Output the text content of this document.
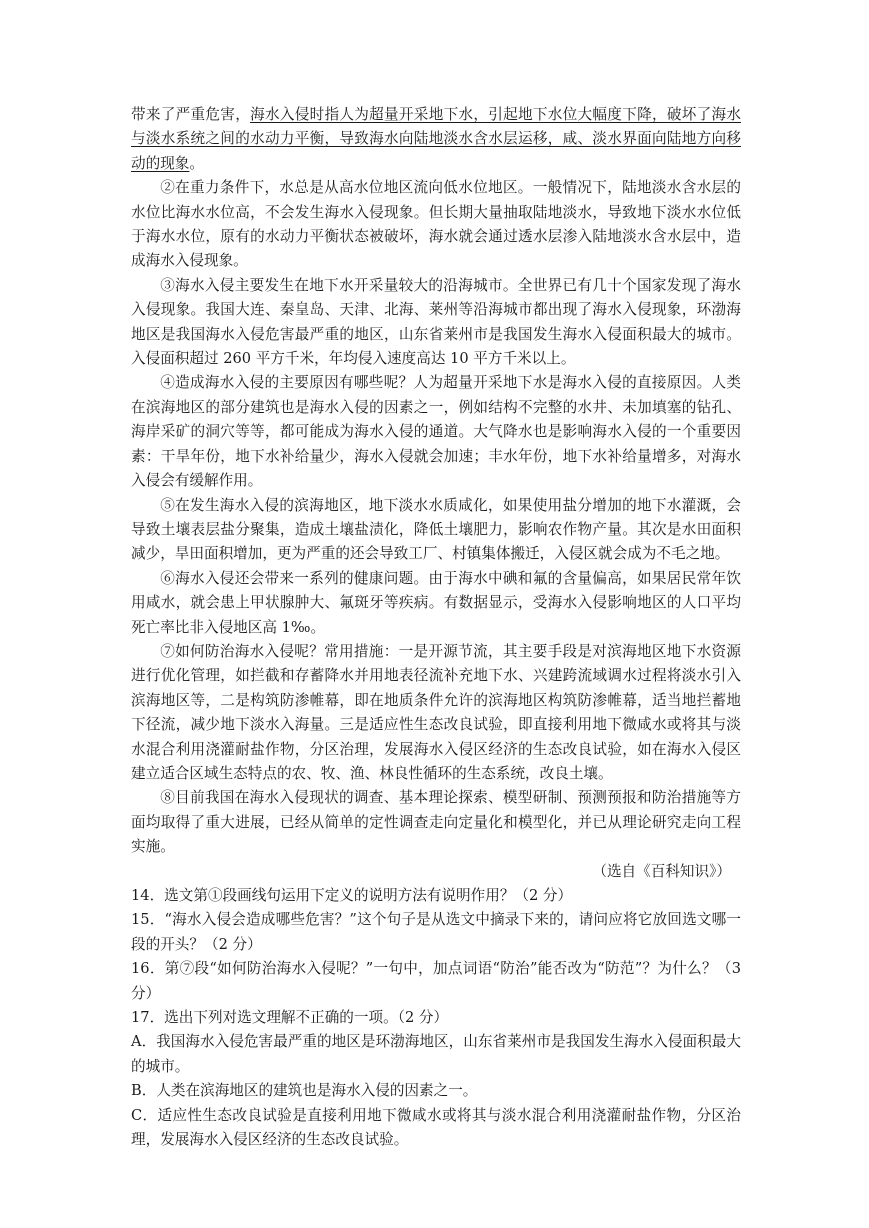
带来了严重危害，海水入侵时指人为超量开采地下水，引起地下水位大幅度下降，破坏了海水与淡水系统之间的水动力平衡，导致海水向陆地淡水含水层运移，咸、淡水界面向陆地方向移动的现象。

②在重力条件下，水总是从高水位地区流向低水位地区。一般情况下，陆地淡水含水层的水位比海水水位高，不会发生海水入侵现象。但长期大量抽取陆地淡水，导致地下淡水水位低于海水水位，原有的水动力平衡状态被破坏，海水就会通过透水层渗入陆地淡水含水层中，造成海水入侵现象。

③海水入侵主要发生在地下水开采量较大的沿海城市。全世界已有几十个国家发现了海水入侵现象。我国大连、秦皇岛、天津、北海、莱州等沿海城市都出现了海水入侵现象，环渤海地区是我国海水入侵危害最严重的地区，山东省莱州市是我国发生海水入侵面积最大的城市。入侵面积超过 260 平方千米，年均侵入速度高达 10 平方千米以上。

④造成海水入侵的主要原因有哪些呢？人为超量开采地下水是海水入侵的直接原因。人类在滨海地区的部分建筑也是海水入侵的因素之一，例如结构不完整的水井、未加填塞的钻孔、海岸采矿的洞穴等等，都可能成为海水入侵的通道。大气降水也是影响海水入侵的一个重要因素：干旱年份，地下水补给量少，海水入侵就会加速；丰水年份，地下水补给量增多，对海水入侵会有缓解作用。

⑤在发生海水入侵的滨海地区，地下淡水水质咸化，如果使用盐分增加的地下水灌溉，会导致土壤表层盐分聚集，造成土壤盐渍化，降低土壤肥力，影响农作物产量。其次是水田面积减少，旱田面积增加，更为严重的还会导致工厂、村镇集体搬迁，入侵区就会成为不毛之地。

⑥海水入侵还会带来一系列的健康问题。由于海水中碘和氟的含量偏高，如果居民常年饮用咸水，就会患上甲状腺肿大、氟斑牙等疾病。有数据显示，受海水入侵影响地区的人口平均死亡率比非入侵地区高 1‰。

⑦如何防治海水入侵呢？常用措施：一是开源节流，其主要手段是对滨海地区地下水资源进行优化管理，如拦截和存蓄降水并用地表径流补充地下水、兴建跨流域调水过程将淡水引入滨海地区等，二是构筑防渗帷幕，即在地质条件允许的滨海地区构筑防渗帷幕，适当地拦蓄地下径流，减少地下淡水入海量。三是适应性生态改良试验，即直接利用地下微咸水或将其与淡水混合利用浇灌耐盐作物，分区治理，发展海水入侵区经济的生态改良试验，如在海水入侵区建立适合区域生态特点的农、牧、渔、林良性循环的生态系统，改良土壤。

⑧目前我国在海水入侵现状的调查、基本理论探索、模型研制、预测预报和防治措施等方面均取得了重大进展，已经从简单的定性调查走向定量化和模型化，并已从理论研究走向工程实施。

（选自《百科知识》）

14．选文第①段画线句运用下定义的说明方法有说明作用？（2 分）

15．“海水入侵会造成哪些危害？”这个句子是从选文中摘录下来的，请问应将它放回选文哪一段的开头？（2 分）

16．第⑦段“如何防治海水入侵呢？”一句中，加点词语“防治”能否改为“防范”？为什么？（3 分）

17．选出下列对选文理解不正确的一项。（2 分）

A．我国海水入侵危害最严重的地区是环渤海地区，山东省莱州市是我国发生海水入侵面积最大的城市。

B．人类在滨海地区的建筑也是海水入侵的因素之一。

C．适应性生态改良试验是直接利用地下微咸水或将其与淡水混合利用浇灌耐盐作物，分区治理，发展海水入侵区经济的生态改良试验。
